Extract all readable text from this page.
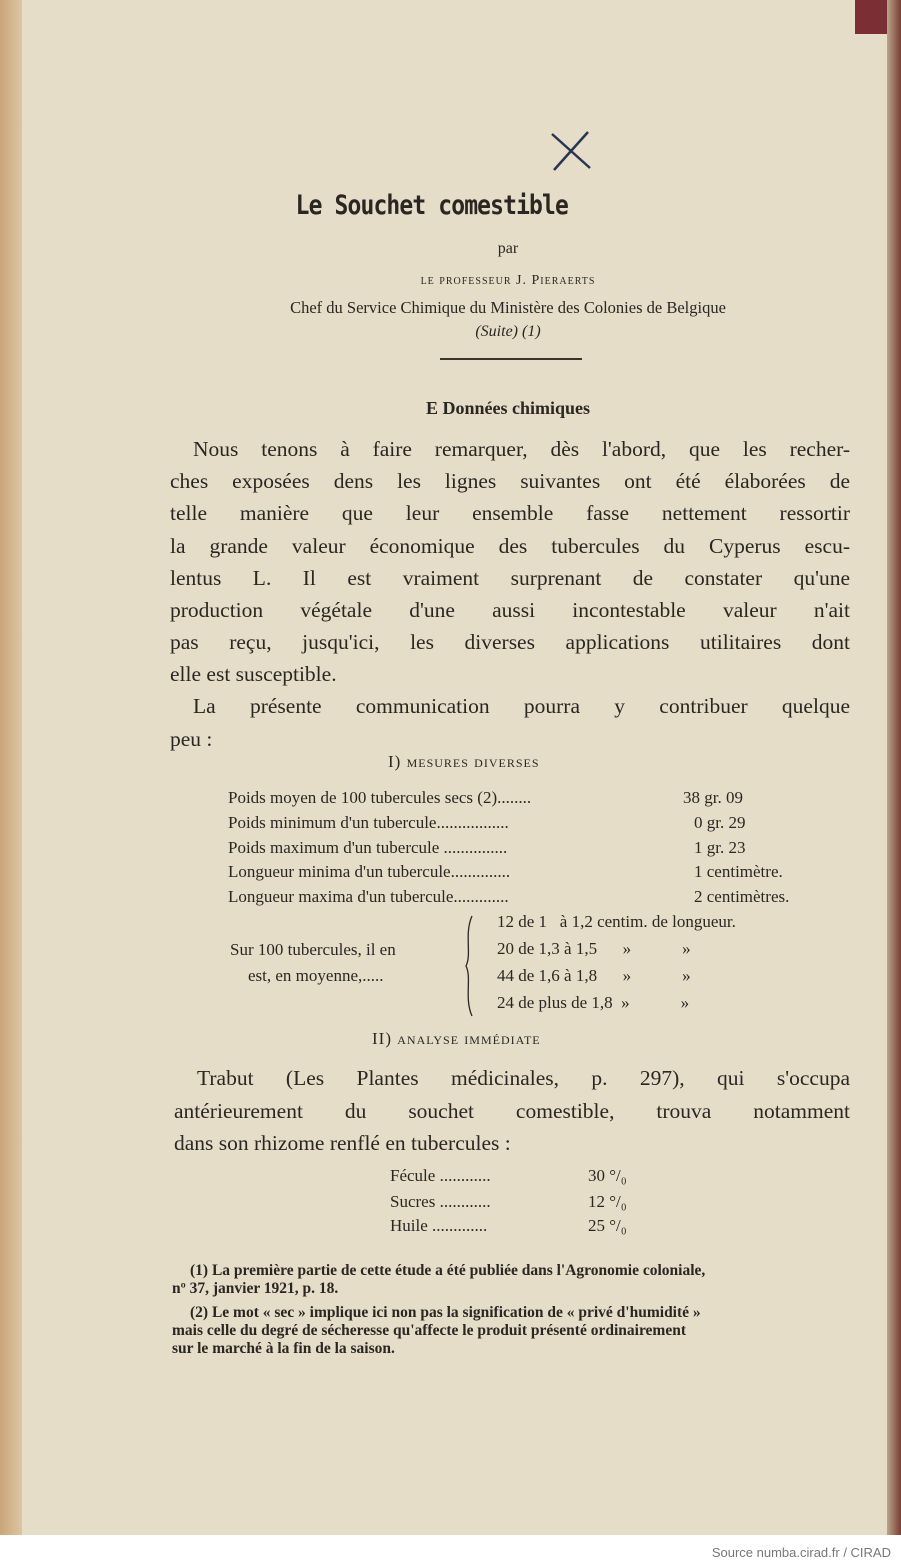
Le Souchet comestible
par
le professeur J. Pieraerts
Chef du Service Chimique du Ministère des Colonies de Belgique
(Suite) (1)
E Données chimiques
Nous tenons à faire remarquer, dès l'abord, que les recher-
ches exposées dens les lignes suivantes ont été élaborées de
telle manière que leur ensemble fasse nettement ressortir
la grande valeur économique des tubercules du Cyperus escu-
lentus L. Il est vraiment surprenant de constater qu'une
production végétale d'une aussi incontestable valeur n'ait
pas reçu, jusqu'ici, les diverses applications utilitaires dont
elle est susceptible.
La présente communication pourra y contribuer quelque
peu :
I) mesures diverses
Poids moyen de 100 tubercules secs (2)........	38 gr. 09
Poids minimum d'un tubercule.................	0 gr. 29
Poids maximum d'un tubercule ...............	1 gr. 23
Longueur minima d'un tubercule..............	1 centimètre.
Longueur maxima d'un tubercule.............	2 centimètres.
Sur 100 tubercules, il en
est, en moyenne,.....
12 de 1   à 1,2 centim. de longueur.
20 de 1,3 à 1,5      »            »
44 de 1,6 à 1,8      »            »
24 de plus de 1,8  »            »
II) analyse immédiate
Trabut (Les Plantes médicinales, p. 297), qui s'occupa
antérieurement du souchet comestible, trouva notamment
dans son rhizome renflé en tubercules :
Fécule ............	30 °/₀
Sucres ............	12 °/₀
Huile .............	25 °/₀
(1) La première partie de cette étude a été publiée dans l'Agronomie coloniale,
nº 37, janvier 1921, p. 18.
(2) Le mot « sec » implique ici non pas la signification de « privé d'humidité »
mais celle du degré de sécheresse qu'affecte le produit présenté ordinairement
sur le marché à la fin de la saison.
Source numba.cirad.fr / CIRAD
